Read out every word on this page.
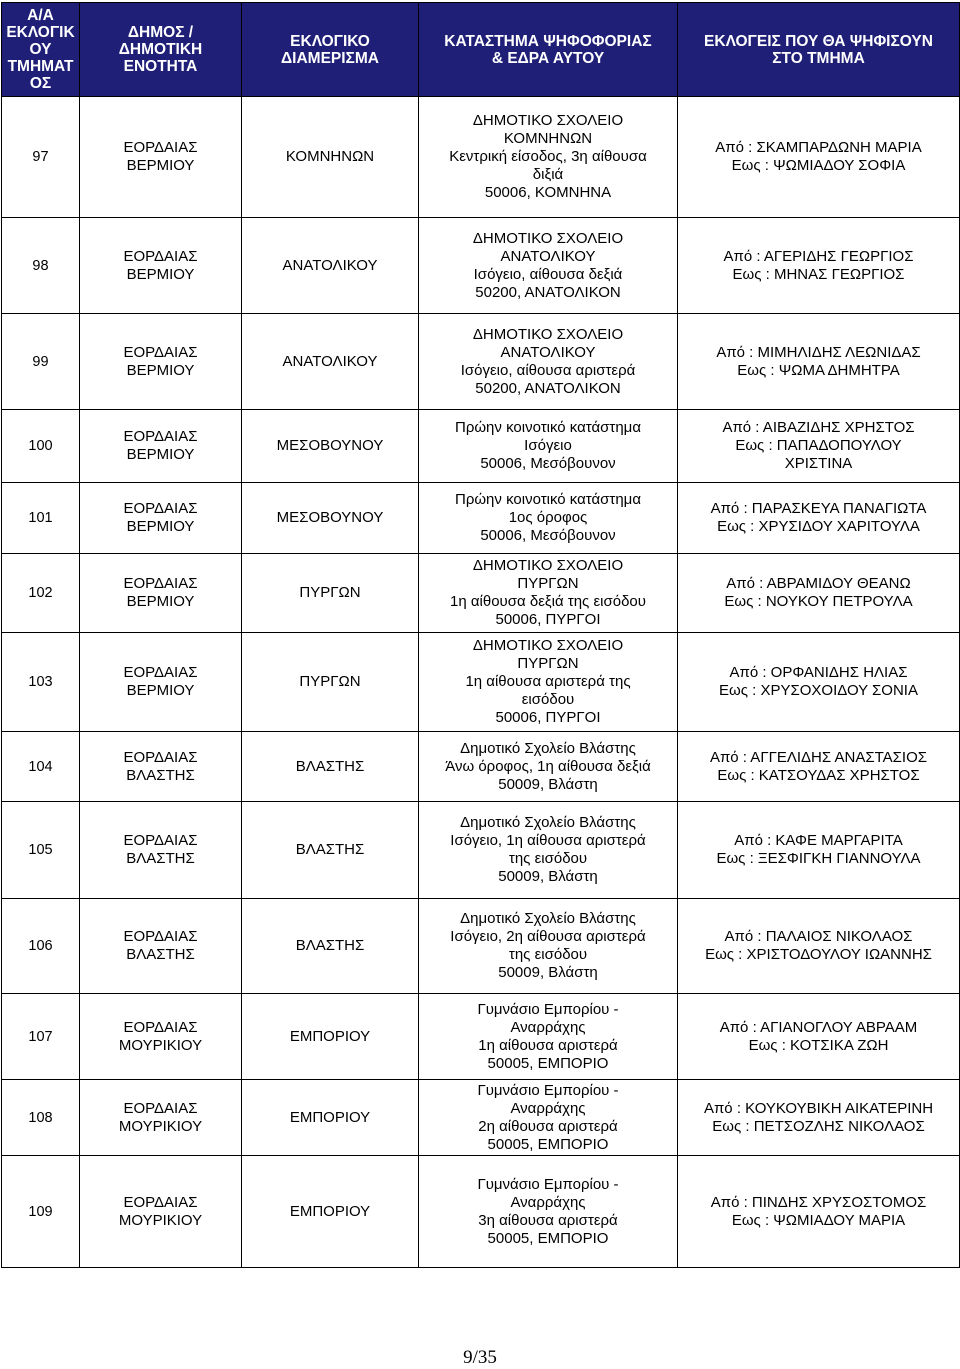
Α/Α
ΕΚΛΟΓΙΚ
ΟΥ
ΤΜΗΜΑΤ
ΟΣ	ΔΗΜΟΣ /
ΔΗΜΟΤΙΚΗ
ΕΝΟΤΗΤΑ	ΕΚΛΟΓΙΚΟ
ΔΙΑΜΕΡΙΣΜΑ	ΚΑΤΑΣΤΗΜΑ ΨΗΦΟΦΟΡΙΑΣ
& ΕΔΡΑ ΑΥΤΟΥ	ΕΚΛΟΓΕΙΣ ΠΟΥ ΘΑ ΨΗΦΙΣΟΥΝ
ΣΤΟ ΤΜΗΜΑ
97	ΕΟΡΔΑΙΑΣ
ΒΕΡΜΙΟΥ	ΚΟΜΝΗΝΩΝ	ΔΗΜΟΤΙΚΟ ΣΧΟΛΕΙΟ
ΚΟΜΝΗΝΩΝ
Κεντρική είσοδος, 3η αίθουσα
διξιά
50006, ΚΟΜΝΗΝΑ	Από : ΣΚΑΜΠΑΡΔΩΝΗ ΜΑΡΙΑ
Εως : ΨΩΜΙΑΔΟΥ ΣΟΦΙΑ
98	ΕΟΡΔΑΙΑΣ
ΒΕΡΜΙΟΥ	ΑΝΑΤΟΛΙΚΟΥ	ΔΗΜΟΤΙΚΟ ΣΧΟΛΕΙΟ
ΑΝΑΤΟΛΙΚΟΥ
Ισόγειο, αίθουσα δεξιά
50200, ΑΝΑΤΟΛΙΚΟΝ	Από : ΑΓΕΡΙΔΗΣ ΓΕΩΡΓΙΟΣ
Εως : ΜΗΝΑΣ ΓΕΩΡΓΙΟΣ
99	ΕΟΡΔΑΙΑΣ
ΒΕΡΜΙΟΥ	ΑΝΑΤΟΛΙΚΟΥ	ΔΗΜΟΤΙΚΟ ΣΧΟΛΕΙΟ
ΑΝΑΤΟΛΙΚΟΥ
Ισόγειο, αίθουσα αριστερά
50200, ΑΝΑΤΟΛΙΚΟΝ	Από : ΜΙΜΗΛΙΔΗΣ ΛΕΩΝΙΔΑΣ
Εως : ΨΩΜΑ ΔΗΜΗΤΡΑ
100	ΕΟΡΔΑΙΑΣ
ΒΕΡΜΙΟΥ	ΜΕΣΟΒΟΥΝΟΥ	Πρώην κοινοτικό κατάστημα
Ισόγειο
50006, Μεσόβουνον	Από : ΑΙΒΑΖΙΔΗΣ ΧΡΗΣΤΟΣ
Εως : ΠΑΠΑΔΟΠΟΥΛΟΥ
ΧΡΙΣΤΙΝΑ
101	ΕΟΡΔΑΙΑΣ
ΒΕΡΜΙΟΥ	ΜΕΣΟΒΟΥΝΟΥ	Πρώην κοινοτικό κατάστημα
1ος όροφος
50006, Μεσόβουνον	Από : ΠΑΡΑΣΚΕΥΑ ΠΑΝΑΓΙΩΤΑ
Εως : ΧΡΥΣΙΔΟΥ ΧΑΡΙΤΟΥΛΑ
102	ΕΟΡΔΑΙΑΣ
ΒΕΡΜΙΟΥ	ΠΥΡΓΩΝ	ΔΗΜΟΤΙΚΟ ΣΧΟΛΕΙΟ
ΠΥΡΓΩΝ
1η αίθουσα δεξιά της εισόδου
50006, ΠΥΡΓΟΙ	Από : ΑΒΡΑΜΙΔΟΥ ΘΕΑΝΩ
Εως : ΝΟΥΚΟΥ ΠΕΤΡΟΥΛΑ
103	ΕΟΡΔΑΙΑΣ
ΒΕΡΜΙΟΥ	ΠΥΡΓΩΝ	ΔΗΜΟΤΙΚΟ ΣΧΟΛΕΙΟ
ΠΥΡΓΩΝ
1η αίθουσα αριστερά της
εισόδου
50006, ΠΥΡΓΟΙ	Από : ΟΡΦΑΝΙΔΗΣ ΗΛΙΑΣ
Εως : ΧΡΥΣΟΧΟΙΔΟΥ ΣΟΝΙΑ
104	ΕΟΡΔΑΙΑΣ
ΒΛΑΣΤΗΣ	ΒΛΑΣΤΗΣ	Δημοτικό Σχολείο Βλάστης
Άνω όροφος, 1η αίθουσα δεξιά
50009, Βλάστη	Από : ΑΓΓΕΛΙΔΗΣ ΑΝΑΣΤΑΣΙΟΣ
Εως : ΚΑΤΣΟΥΔΑΣ ΧΡΗΣΤΟΣ
105	ΕΟΡΔΑΙΑΣ
ΒΛΑΣΤΗΣ	ΒΛΑΣΤΗΣ	Δημοτικό Σχολείο Βλάστης
Ισόγειο, 1η αίθουσα αριστερά
της εισόδου
50009, Βλάστη	Από : ΚΑΦΕ ΜΑΡΓΑΡΙΤΑ
Εως : ΞΕΣΦΙΓΚΗ ΓΙΑΝΝΟΥΛΑ
106	ΕΟΡΔΑΙΑΣ
ΒΛΑΣΤΗΣ	ΒΛΑΣΤΗΣ	Δημοτικό Σχολείο Βλάστης
Ισόγειο, 2η αίθουσα αριστερά
της εισόδου
50009, Βλάστη	Από : ΠΑΛΑΙΟΣ ΝΙΚΟΛΑΟΣ
Εως : ΧΡΙΣΤΟΔΟΥΛΟΥ ΙΩΑΝΝΗΣ
107	ΕΟΡΔΑΙΑΣ
ΜΟΥΡΙΚΙΟΥ	ΕΜΠΟΡΙΟΥ	Γυμνάσιο Εμπορίου -
Αναρράχης
1η αίθουσα αριστερά
50005, ΕΜΠΟΡΙΟ	Από : ΑΓΙΑΝΟΓΛΟΥ ΑΒΡΑΑΜ
Εως : ΚΟΤΣΙΚΑ ΖΩΗ
108	ΕΟΡΔΑΙΑΣ
ΜΟΥΡΙΚΙΟΥ	ΕΜΠΟΡΙΟΥ	Γυμνάσιο Εμπορίου -
Αναρράχης
2η αίθουσα αριστερά
50005, ΕΜΠΟΡΙΟ	Από : ΚΟΥΚΟΥΒΙΚΗ ΑΙΚΑΤΕΡΙΝΗ
Εως : ΠΕΤΣΟΖΛΗΣ ΝΙΚΟΛΑΟΣ
109	ΕΟΡΔΑΙΑΣ
ΜΟΥΡΙΚΙΟΥ	ΕΜΠΟΡΙΟΥ	Γυμνάσιο Εμπορίου -
Αναρράχης
3η αίθουσα αριστερά
50005, ΕΜΠΟΡΙΟ	Από : ΠΙΝΔΗΣ ΧΡΥΣΟΣΤΟΜΟΣ
Εως : ΨΩΜΙΑΔΟΥ ΜΑΡΙΑ
9/35
